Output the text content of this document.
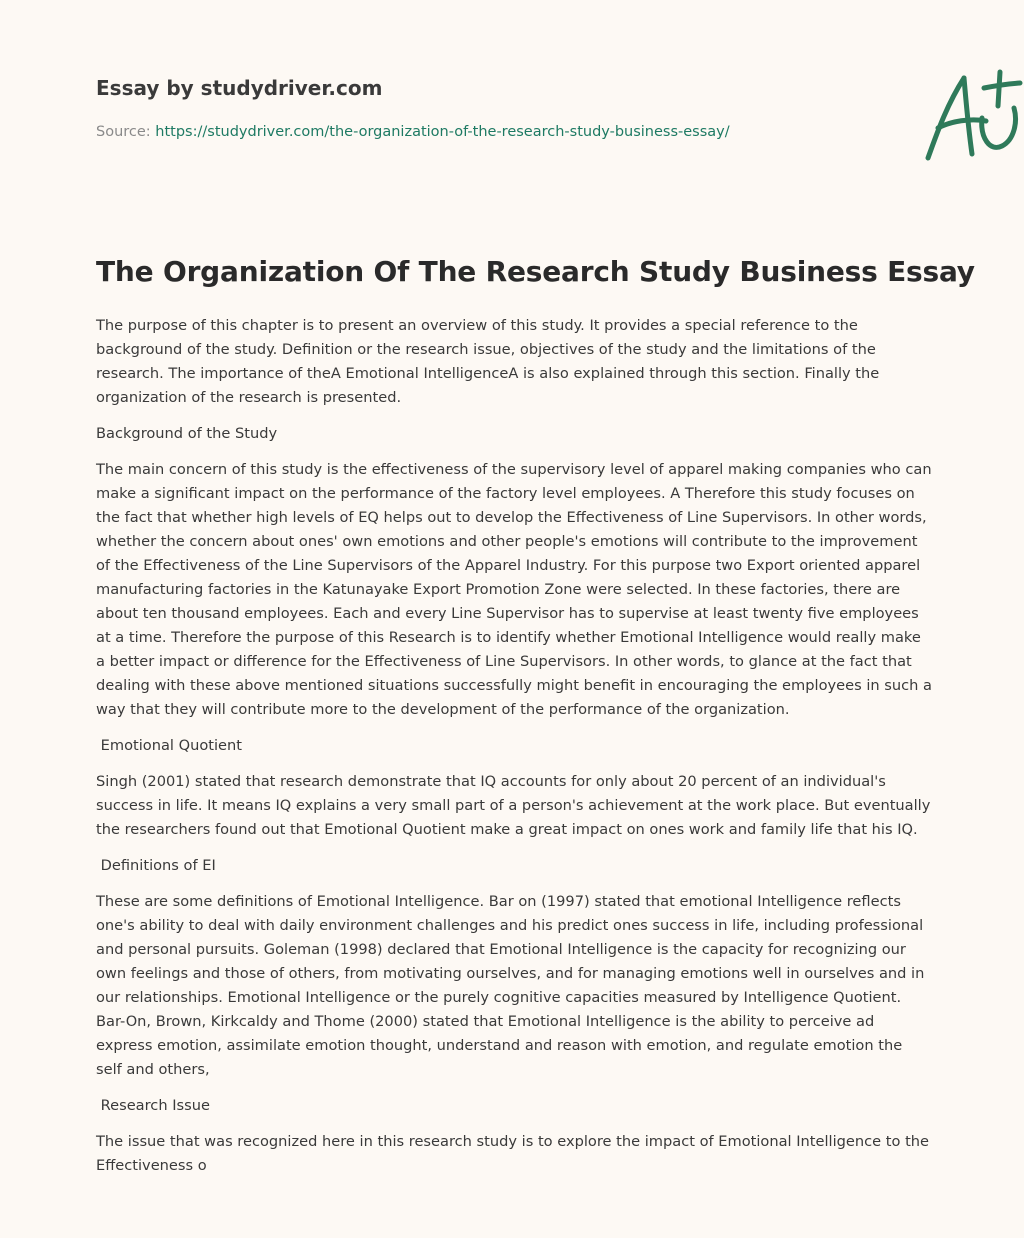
Essay by studydriver.com
Source: https://studydriver.com/the-organization-of-the-research-study-business-essay/
The Organization Of The Research Study Business Essay

The purpose of this chapter is to present an overview of this study. It provides a special reference to the background of the study. Definition or the research issue, objectives of the study and the limitations of the research. The importance of theA Emotional IntelligenceA is also explained through this section. Finally the organization of the research is presented.

Background of the Study

The main concern of this study is the effectiveness of the supervisory level of apparel making companies who can make a significant impact on the performance of the factory level employees. A Therefore this study focuses on the fact that whether high levels of EQ helps out to develop the Effectiveness of Line Supervisors. In other words, whether the concern about ones' own emotions and other people's emotions will contribute to the improvement of the Effectiveness of the Line Supervisors of the Apparel Industry. For this purpose two Export oriented apparel manufacturing factories in the Katunayake Export Promotion Zone were selected. In these factories, there are about ten thousand employees. Each and every Line Supervisor has to supervise at least twenty five employees at a time. Therefore the purpose of this Research is to identify whether Emotional Intelligence would really make a better impact or difference for the Effectiveness of Line Supervisors. In other words, to glance at the fact that dealing with these above mentioned situations successfully might benefit in encouraging the employees in such a way that they will contribute more to the development of the performance of the organization.

Emotional Quotient

Singh (2001) stated that research demonstrate that IQ accounts for only about 20 percent of an individual's success in life. It means IQ explains a very small part of a person's achievement at the work place. But eventually the researchers found out that Emotional Quotient make a great impact on ones work and family life that his IQ.

Definitions of EI

These are some definitions of Emotional Intelligence. Bar on (1997) stated that emotional Intelligence reflects one's ability to deal with daily environment challenges and his predict ones success in life, including professional and personal pursuits. Goleman (1998) declared that Emotional Intelligence is the capacity for recognizing our own feelings and those of others, from motivating ourselves, and for managing emotions well in ourselves and in our relationships. Emotional Intelligence or the purely cognitive capacities measured by Intelligence Quotient. Bar-On, Brown, Kirkcaldy and Thome (2000) stated that Emotional Intelligence is the ability to perceive ad express emotion, assimilate emotion thought, understand and reason with emotion, and regulate emotion the self and others,

Research Issue

The issue that was recognized here in this research study is to explore the impact of Emotional Intelligence to the Effectiveness o
